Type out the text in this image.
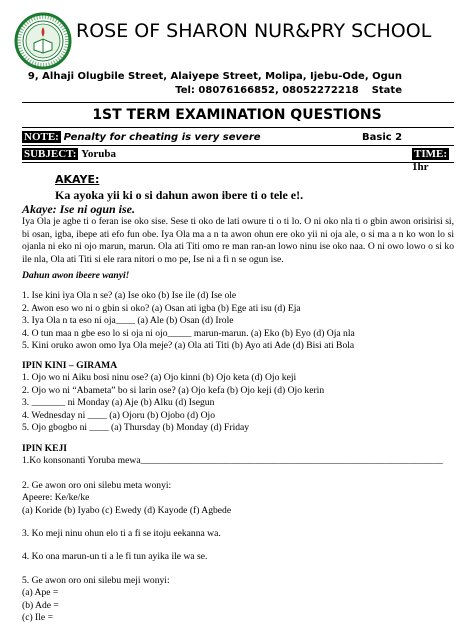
ROSE OF SHARON NUR&PRY SCHOOL
9, Alhaji Olugbile Street, Alaiyepe Street, Molipa, Ijebu-Ode, Ogun State
Tel: 08076166852, 08052272218
1ST TERM EXAMINATION QUESTIONS
NOTE: Penalty for cheating is very severe	Basic 2
SUBJECT: Yoruba	TIME: 1hr
AKAYE:
Ka ayoka yii ki o si dahun awon ibere ti o tele e!.
Akaye: Ise ni ogun ise.
Iya Ola je agbe ti o feran ise oko sise. Sese ti oko de lati owure ti o ti lo. O ni oko nla ti o gbin awon orisirisi si, bi osan, igba, ibepe ati efo fun obe. Iya Ola ma a n ta awon ohun ere oko yii ni oja ale, o si ma a n ko won lo si ojanla ni eko ni ojo marun, marun. Ola ati Titi omo re man ran-an lowo ninu ise oko naa. O ni owo lowo o si ko ile nla, Ola ati Titi si ele rara nitori o mo pe, Ise ni a fi n se ogun ise.
Dahun awon ibeere wanyi!
1. Ise kini iya Ola n se? (a) Ise oko (b) Ise ile (d) Ise ole
2. Awon eso wo ni o gbin si oko? (a) Osan ati igba (b) Ege ati isu (d) Eja
3. Iya Ola n ta eso ni oja____ (a) Ale (b) Osan (d) Irole
4. O tun maa n gbe eso lo si oja ni ojo_____ marun-marun. (a) Eko (b) Eyo (d) Oja nla
5. Kini oruko awon omo Iya Ola meje? (a) Ola ati Titi (b) Ayo ati Ade (d) Bisi ati Bola
IPIN KINI – GIRAMA
1. Ojo wo ni Aiku bosi ninu ose? (a) Ojo kinni (b) Ojo keta (d) Ojo keji
2. Ojo wo ni “Abameta” bo si larin ose? (a) Ojo kefa (b) Ojo keji (d) Ojo kerin
3. _______ ni Monday (a) Aje (b) Alku (d) Isegun
4. Wednesday ni ____ (a) Ojoru (b) Ojobo (d) Ojo
5. Ojo gbogbo ni ____ (a) Thursday (b) Monday (d) Friday
IPIN KEJI
1.Ko konsonanti Yoruba mewa_______________________________________________________________
2. Ge awon oro oni silebu meta wonyi:
Apeere: Ke/ke/ke
(a) Koride (b) Iyabo (c) Ewedy (d) Kayode (f) Agbede
3. Ko meji ninu ohun elo ti a fi se itoju eekanna wa.
4. Ko ona marun-un ti a le fi tun ayika ile wa se.
5. Ge awon oro oni silebu meji wonyi:
(a) Ape =
(b) Ade =
(c) Ile =
